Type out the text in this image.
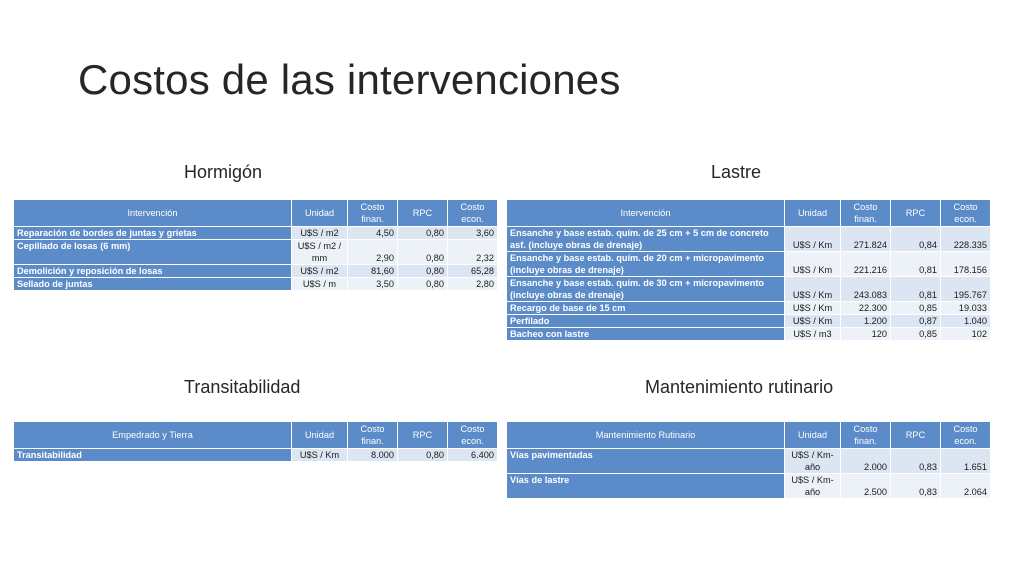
Costos de las intervenciones
Hormigón
Intervención	Unidad	Costo finan.	RPC	Costo econ.
Reparación de bordes de juntas y grietas	U$S / m2	4,50	0,80	3,60
Cepillado de losas (6 mm)	U$S / m2 / mm	2,90	0,80	2,32
Demolición y reposición de losas	U$S / m2	81,60	0,80	65,28
Sellado de juntas	U$S / m	3,50	0,80	2,80
Lastre
Intervención	Unidad	Costo finan.	RPC	Costo econ.
Ensanche y base estab. quím. de 25 cm + 5 cm de concreto asf. (incluye obras de drenaje)	U$S / Km	271.824	0,84	228.335
Ensanche y base estab. quím. de 20 cm + micropavimento (incluye obras de drenaje)	U$S / Km	221.216	0,81	178.156
Ensanche y base estab. quím. de 30 cm + micropavimento (incluye obras de drenaje)	U$S / Km	243.083	0,81	195.767
Recargo de base de 15 cm	U$S / Km	22.300	0,85	19.033
Perfilado	U$S / Km	1.200	0,87	1.040
Bacheo con lastre	U$S / m3	120	0,85	102
Transitabilidad
Empedrado y Tierra	Unidad	Costo finan.	RPC	Costo econ.
Transitabilidad	U$S / Km	8.000	0,80	6.400
Mantenimiento rutinario
Mantenimiento Rutinario	Unidad	Costo finan.	RPC	Costo econ.
Vías pavimentadas	U$S / Km-año	2.000	0,83	1.651
Vías de lastre	U$S / Km-año	2.500	0,83	2.064
